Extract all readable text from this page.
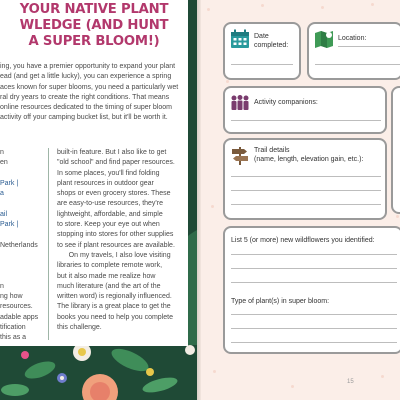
YOUR NATIVE PLANT
WLEDGE (AND HUNT
A SUPER BLOOM!)
ing, you have a premier opportunity to expand your plant
ead (and get a little lucky), you can experience a spring
aces known for super blooms, you need a particularly wet
ral dry years to create the right conditions. That means
online resources dedicated to the timing of super bloom
activity off your camping bucket list, but it'll be worth it.
n
en
Park |
a
ail
Park |
Netherlands
n
ng how
resources.
adable apps
tification
this as a
built-in feature. But I also like to get
"old school" and find paper resources.
In some places, you'll find folding
plant resources in outdoor gear
shops or even grocery stores. These
are easy-to-use resources, they're
lightweight, affordable, and simple
to store. Keep your eye out when
stopping into stores for other supplies
to see if plant resources are available.
On my travels, I also love visiting
libraries to complete remote work,
but it also made me realize how
much literature (and the art of the
written word) is regionally influenced.
The library is a great place to get the
books you need to help you complete
this challenge.
Date
completed:
Location:
Activity companions:
Trail details
(name, length, elevation gain, etc.):
List 5 (or more) new wildflowers you identified:
Type of plant(s) in super bloom:
15
